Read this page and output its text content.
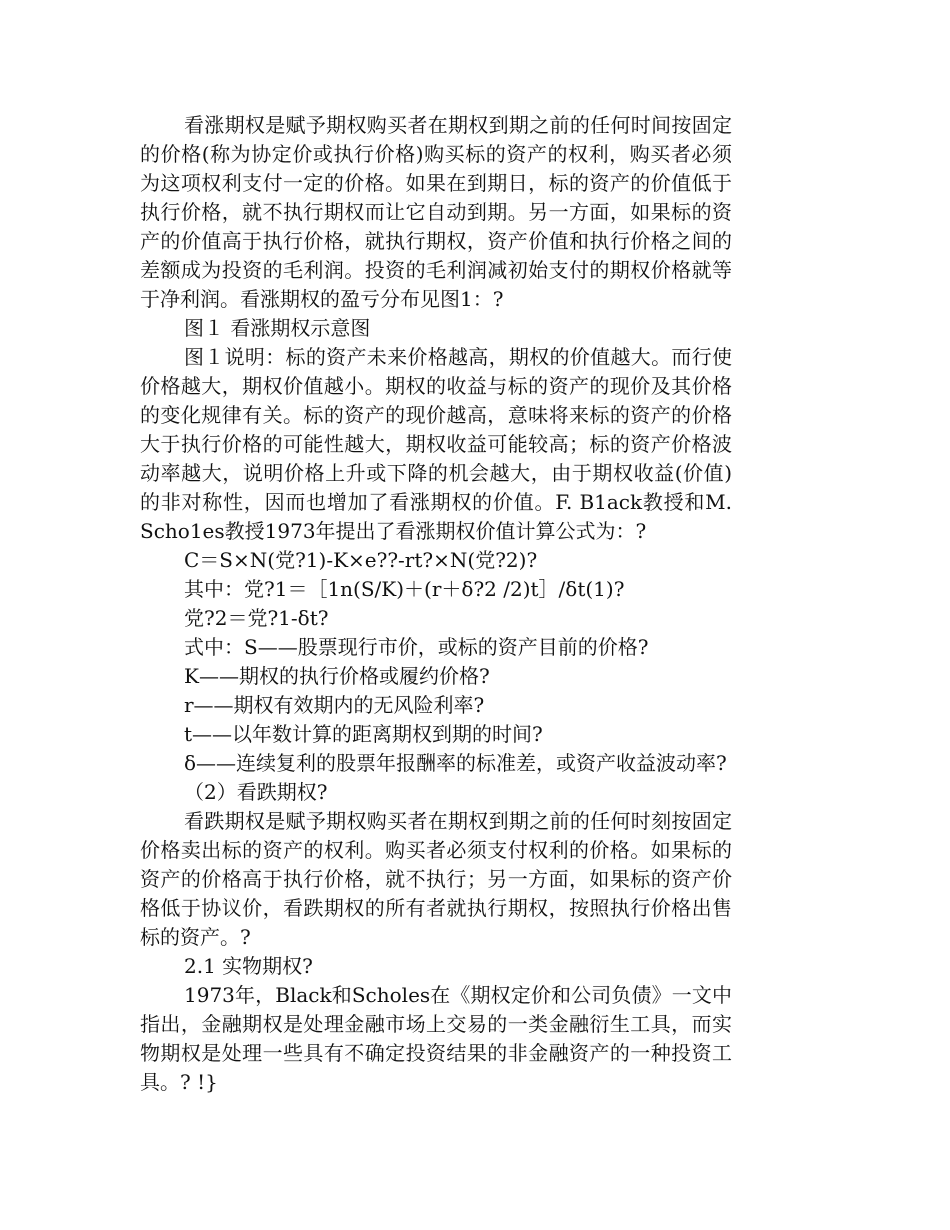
看涨期权是赋予期权购买者在期权到期之前的任何时间按固定的价格(称为协定价或执行价格)购买标的资产的权利，购买者必须为这项权利支付一定的价格。如果在到期日，标的资产的价值低于执行价格，就不执行期权而让它自动到期。另一方面，如果标的资产的价值高于执行价格，就执行期权，资产价值和执行价格之间的差额成为投资的毛利润。投资的毛利润减初始支付的期权价格就等于净利润。看涨期权的盈亏分布见图1：?

图１ 看涨期权示意图

图１说明：标的资产未来价格越高，期权的价值越大。而行使价格越大，期权价值越小。期权的收益与标的资产的现价及其价格的变化规律有关。标的资产的现价越高，意味将来标的资产的价格大于执行价格的可能性越大，期权收益可能较高；标的资产价格波动率越大，说明价格上升或下降的机会越大，由于期权收益(价值)的非对称性，因而也增加了看涨期权的价值。F. B1ack教授和M. Scho1es教授1973年提出了看涨期权价值计算公式为：?

C＝S×N(党?1)-K×e??-rt?×N(党?2)?

其中：党?1＝［1n(S/K)＋(r＋δ?2 /2)t］/δt(1)?

党?2＝党?1-δt?

式中：S——股票现行市价，或标的资产目前的价格?

K——期权的执行价格或履约价格?

r——期权有效期内的无风险利率?

t——以年数计算的距离期权到期的时间?

δ——连续复利的股票年报酬率的标准差，或资产收益波动率?

（2）看跌期权?

看跌期权是赋予期权购买者在期权到期之前的任何时刻按固定价格卖出标的资产的权利。购买者必须支付权利的价格。如果标的资产的价格高于执行价格，就不执行；另一方面，如果标的资产价格低于协议价，看跌期权的所有者就执行期权，按照执行价格出售标的资产。?

2.1 实物期权?

1973年，Black和Scholes在《期权定价和公司负债》一文中指出，金融期权是处理金融市场上交易的一类金融衍生工具，而实物期权是处理一些具有不确定投资结果的非金融资产的一种投资工具。? !}
